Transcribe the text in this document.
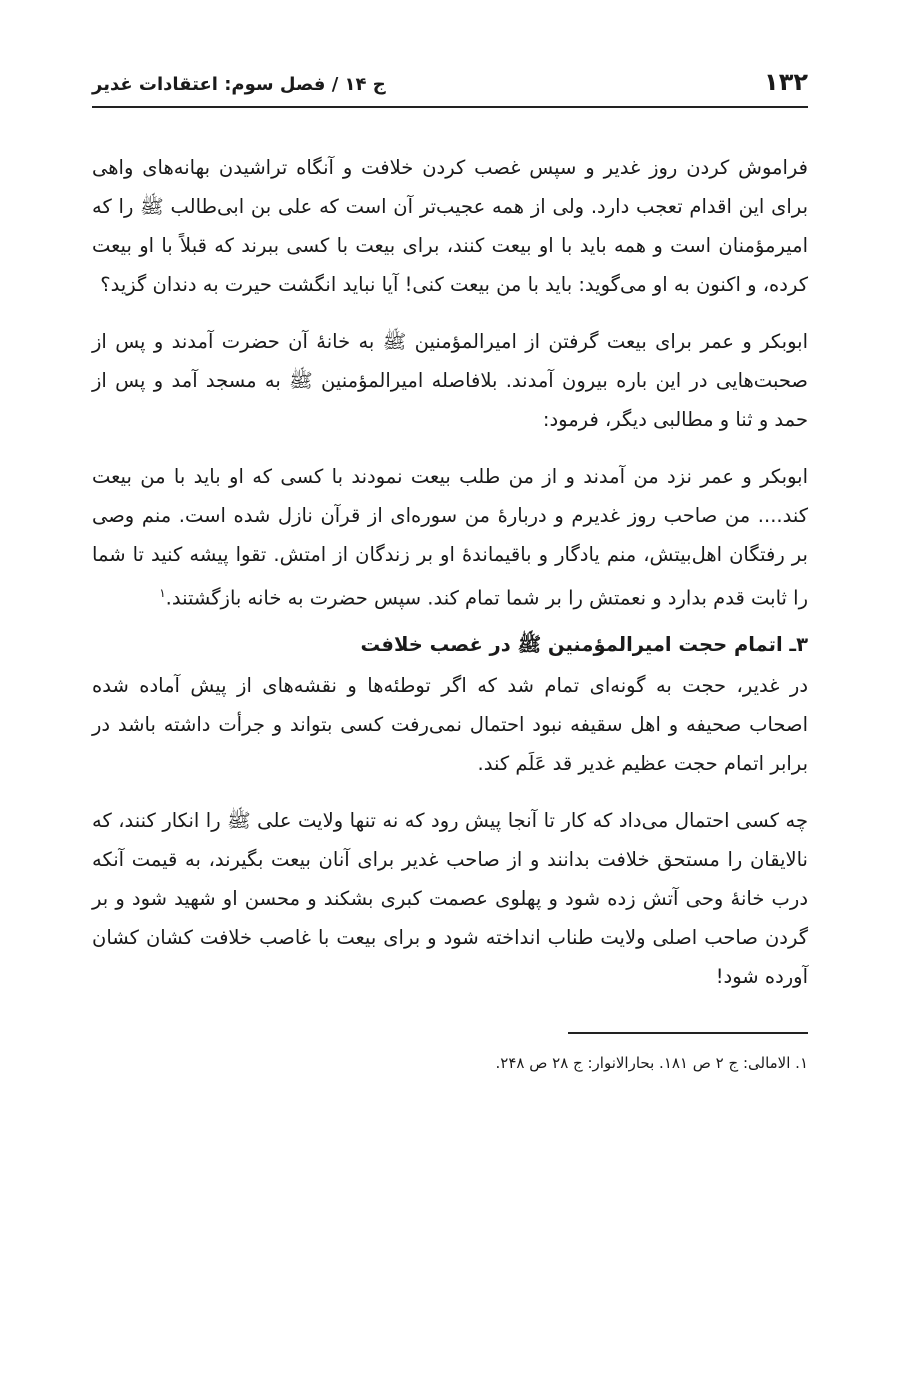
۱۳۲
ج ۱۴ / فصل سوم: اعتقادات غدیر

فراموش کردن روز غدیر و سپس غصب کردن خلافت و آنگاه تراشیدن بهانه‌های واهی برای این اقدام تعجب دارد. ولی از همه عجیب‌تر آن است که علی بن ابی‌طالب ﷺ را که امیرمؤمنان است و همه باید با او بیعت کنند، برای بیعت با کسی ببرند که قبلاً با او بیعت کرده، و اکنون به او می‌گوید: باید با من بیعت کنی! آیا نباید انگشت حیرت به دندان گزید؟

ابوبکر و عمر برای بیعت گرفتن از امیرالمؤمنین ﷺ به خانهٔ آن حضرت آمدند و پس از صحبت‌هایی در این باره بیرون آمدند. بلافاصله امیرالمؤمنین ﷺ به مسجد آمد و پس از حمد و ثنا و مطالبی دیگر، فرمود:

ابوبکر و عمر نزد من آمدند و از من طلب بیعت نمودند با کسی که او باید با من بیعت کند.... من صاحب روز غدیرم و دربارهٔ من سوره‌ای از قرآن نازل شده است. منم وصی بر رفتگان اهل‌بیتش، منم یادگار و باقیماندهٔ او بر زندگان از امتش. تقوا پیشه کنید تا شما را ثابت قدم بدارد و نعمتش را بر شما تمام کند. سپس حضرت به خانه بازگشتند.$^۱$

۳ـ اتمام حجت امیرالمؤمنین ﷺ در غصب خلافت

در غدیر، حجت به گونه‌ای تمام شد که اگر توطئه‌ها و نقشه‌های از پیش آماده شده اصحاب صحیفه و اهل سقیفه نبود احتمال نمی‌رفت کسی بتواند و جرأت داشته باشد در برابر اتمام حجت عظیم غدیر قد عَلَم کند.

چه کسی احتمال می‌داد که کار تا آنجا پیش رود که نه تنها ولایت علی ﷺ را انکار کنند، که نالایقان را مستحق خلافت بدانند و از صاحب غدیر برای آنان بیعت بگیرند، به قیمت آنکه درب خانهٔ وحی آتش زده شود و پهلوی عصمت کبری بشکند و محسن او شهید شود و بر گردن صاحب اصلی ولایت طناب انداخته شود و برای بیعت با غاصب خلافت کشان کشان آورده شود!

۱. الامالی: ج ۲ ص ۱۸۱. بحارالانوار: ج ۲۸ ص ۲۴۸.
